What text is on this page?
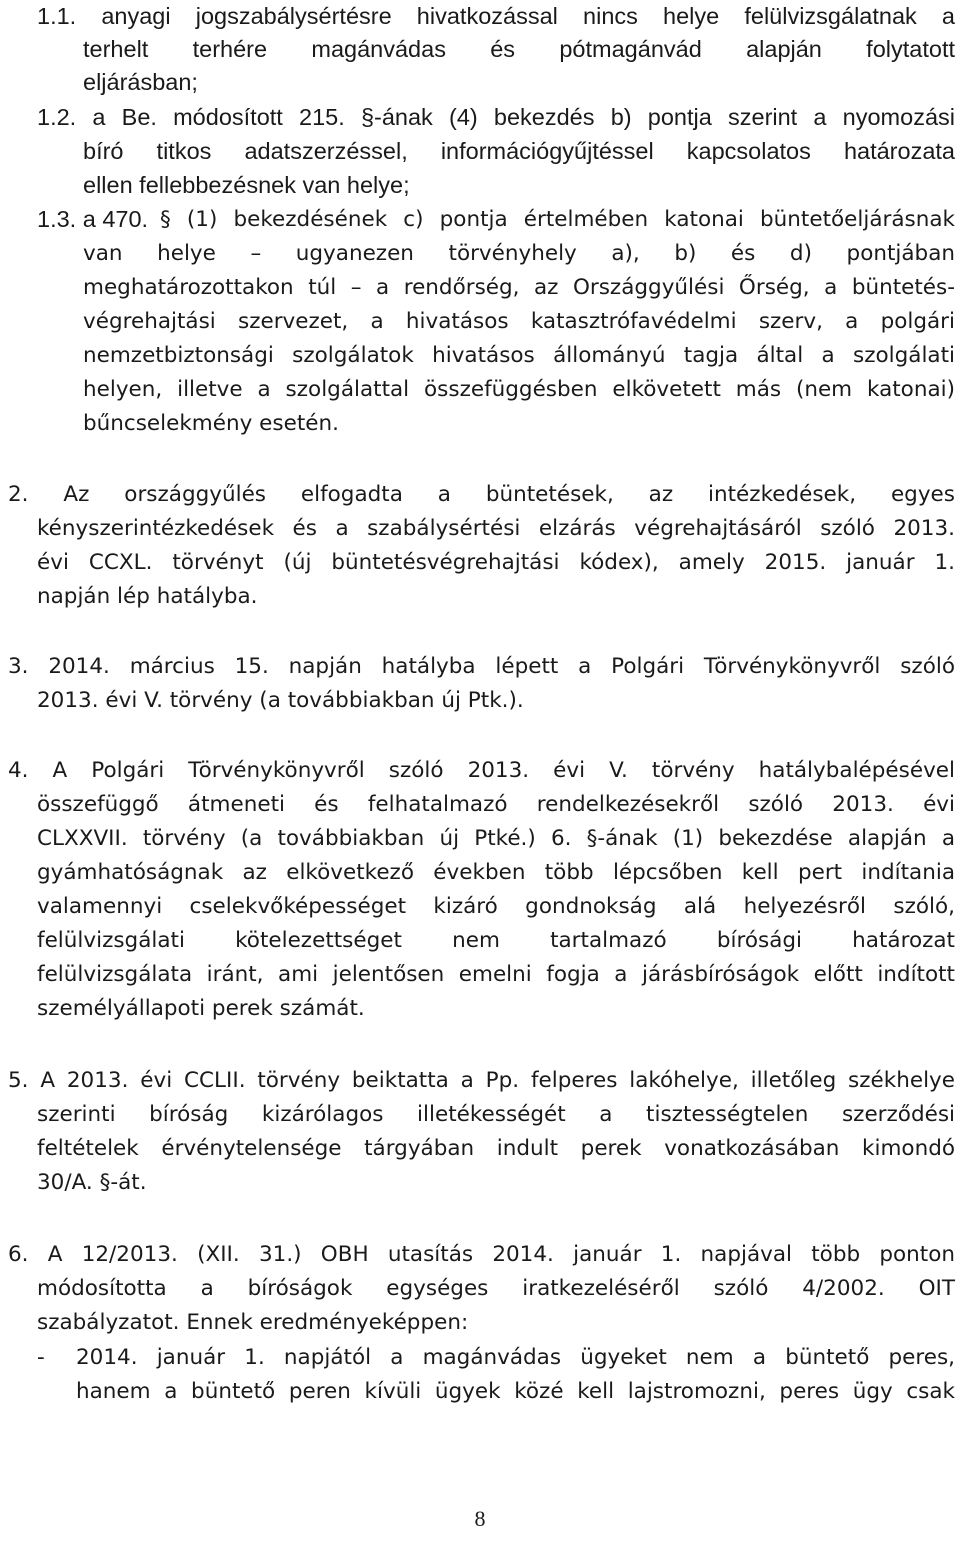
1.1. anyagi jogszabálysértésre hivatkozással nincs helye felülvizsgálatnak a

terhelt terhére magánvádas és pótmagánvád alapján folytatott

eljárásban;

1.2. a Be. módosított 215. §-ának (4) bekezdés b) pontja szerint a nyomozási

bíró titkos adatszerzéssel, információgyűjtéssel kapcsolatos határozata

ellen fellebbezésnek van helye;

1.3. a 470. § (1) bekezdésének c) pontja értelmében katonai büntetőeljárásnak

van helye – ugyanezen törvényhely a), b) és d) pontjában

meghatározottakon túl – a rendőrség, az Országgyűlési Őrség, a büntetés-

végrehajtási szervezet, a hivatásos katasztrófavédelmi szerv, a polgári

nemzetbiztonsági szolgálatok hivatásos állományú tagja által a szolgálati

helyen, illetve a szolgálattal összefüggésben elkövetett más (nem katonai)

bűncselekmény esetén.

2. Az országgyűlés elfogadta a büntetések, az intézkedések, egyes

kényszerintézkedések és a szabálysértési elzárás végrehajtásáról szóló 2013.

évi CCXL. törvényt (új büntetésvégrehajtási kódex), amely 2015. január 1.

napján lép hatályba.

3. 2014. március 15. napján hatályba lépett a Polgári Törvénykönyvről szóló

2013. évi V. törvény (a továbbiakban új Ptk.).

4. A Polgári Törvénykönyvről szóló 2013. évi V. törvény hatálybalépésével

összefüggő átmeneti és felhatalmazó rendelkezésekről szóló 2013. évi

CLXXVII. törvény (a továbbiakban új Ptké.) 6. §-ának (1) bekezdése alapján a

gyámhatóságnak az elkövetkező években több lépcsőben kell pert indítania

valamennyi cselekvőképességet kizáró gondnokság alá helyezésről szóló,

felülvizsgálati kötelezettséget nem tartalmazó bírósági határozat

felülvizsgálata iránt, ami jelentősen emelni fogja a járásbíróságok előtt indított

személyállapoti perek számát.

5. A 2013. évi CCLII. törvény beiktatta a Pp. felperes lakóhelye, illetőleg székhelye

szerinti bíróság kizárólagos illetékességét a tisztességtelen szerződési

feltételek érvénytelensége tárgyában indult perek vonatkozásában kimondó

30/A. §-át.

6. A 12/2013. (XII. 31.) OBH utasítás 2014. január 1. napjával több ponton

módosította a bíróságok egységes iratkezeléséről szóló 4/2002. OIT

szabályzatot. Ennek eredményeképpen:

- 2014. január 1. napjától a magánvádas ügyeket nem a büntető peres,

hanem a büntető peren kívüli ügyek közé kell lajstromozni, peres ügy csak

8
